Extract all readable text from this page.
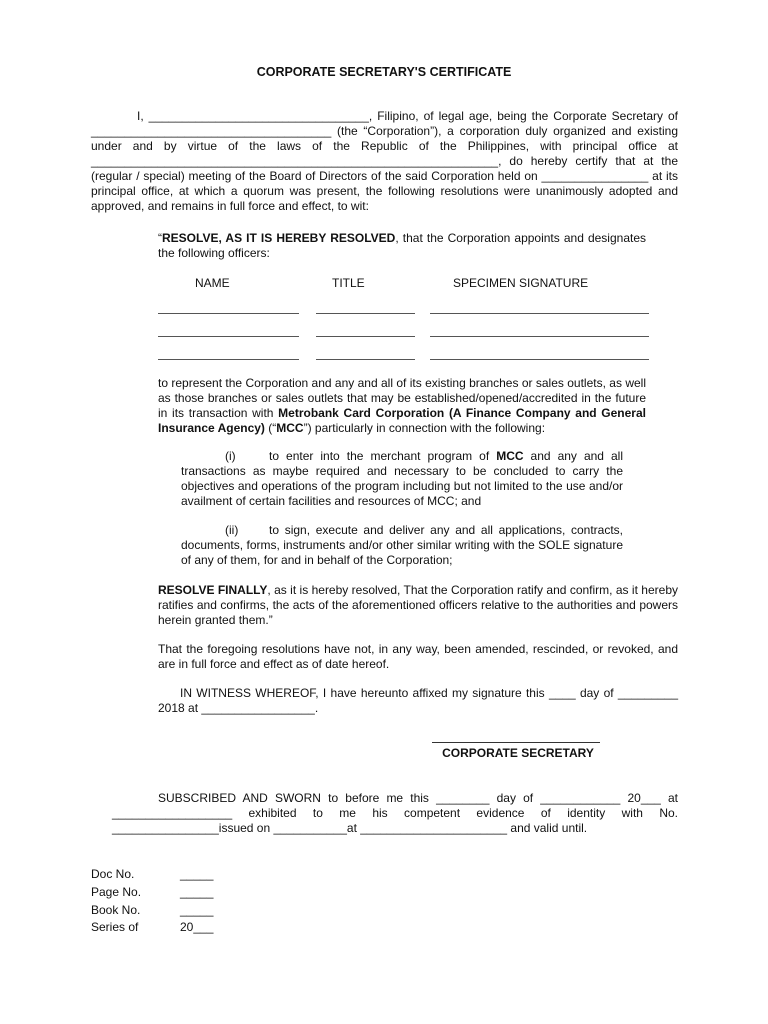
CORPORATE SECRETARY'S CERTIFICATE
I, _________________________________, Filipino, of legal age, being the Corporate Secretary of ____________________________________ (the “Corporation”), a corporation duly organized and existing under and by virtue of the laws of the Republic of the Philippines, with principal office at _____________________________________________________________, do hereby certify that at the (regular / special) meeting of the Board of Directors of the said Corporation held on ________________ at its principal office, at which a quorum was present, the following resolutions were unanimously adopted and approved, and remains in full force and effect, to wit:
“RESOLVE, AS IT IS HEREBY RESOLVED, that the Corporation appoints and designates the following officers:
NAME	TITLE	SPECIMEN SIGNATURE
to represent the Corporation and any and all of its existing branches or sales outlets, as well as those branches or sales outlets that may be established/opened/accredited in the future in its transaction with Metrobank Card Corporation (A Finance Company and General Insurance Agency) (“MCC”) particularly in connection with the following:
(i)	to enter into the merchant program of MCC and any and all transactions as maybe required and necessary to be concluded to carry the objectives and operations of the program including but not limited to the use and/or availment of certain facilities and resources of MCC; and
(ii)	to sign, execute and deliver any and all applications, contracts, documents, forms, instruments and/or other similar writing with the SOLE signature of any of them, for and in behalf of the Corporation;
RESOLVE FINALLY, as it is hereby resolved, That the Corporation ratify and confirm, as it hereby ratifies and confirms, the acts of the aforementioned officers relative to the authorities and powers herein granted them.”
That the foregoing resolutions have not, in any way, been amended, rescinded, or revoked, and are in full force and effect as of date hereof.
IN WITNESS WHEREOF, I have hereunto affixed my signature this ____ day of _________ 2018 at _________________.
CORPORATE SECRETARY
SUBSCRIBED AND SWORN to before me this ________ day of ____________ 20___ at __________________ exhibited to me his competent evidence of identity with No. ________________issued on ___________at ______________________ and valid until.
Doc No.	_____
Page No.	_____
Book No.	_____
Series of	20___
